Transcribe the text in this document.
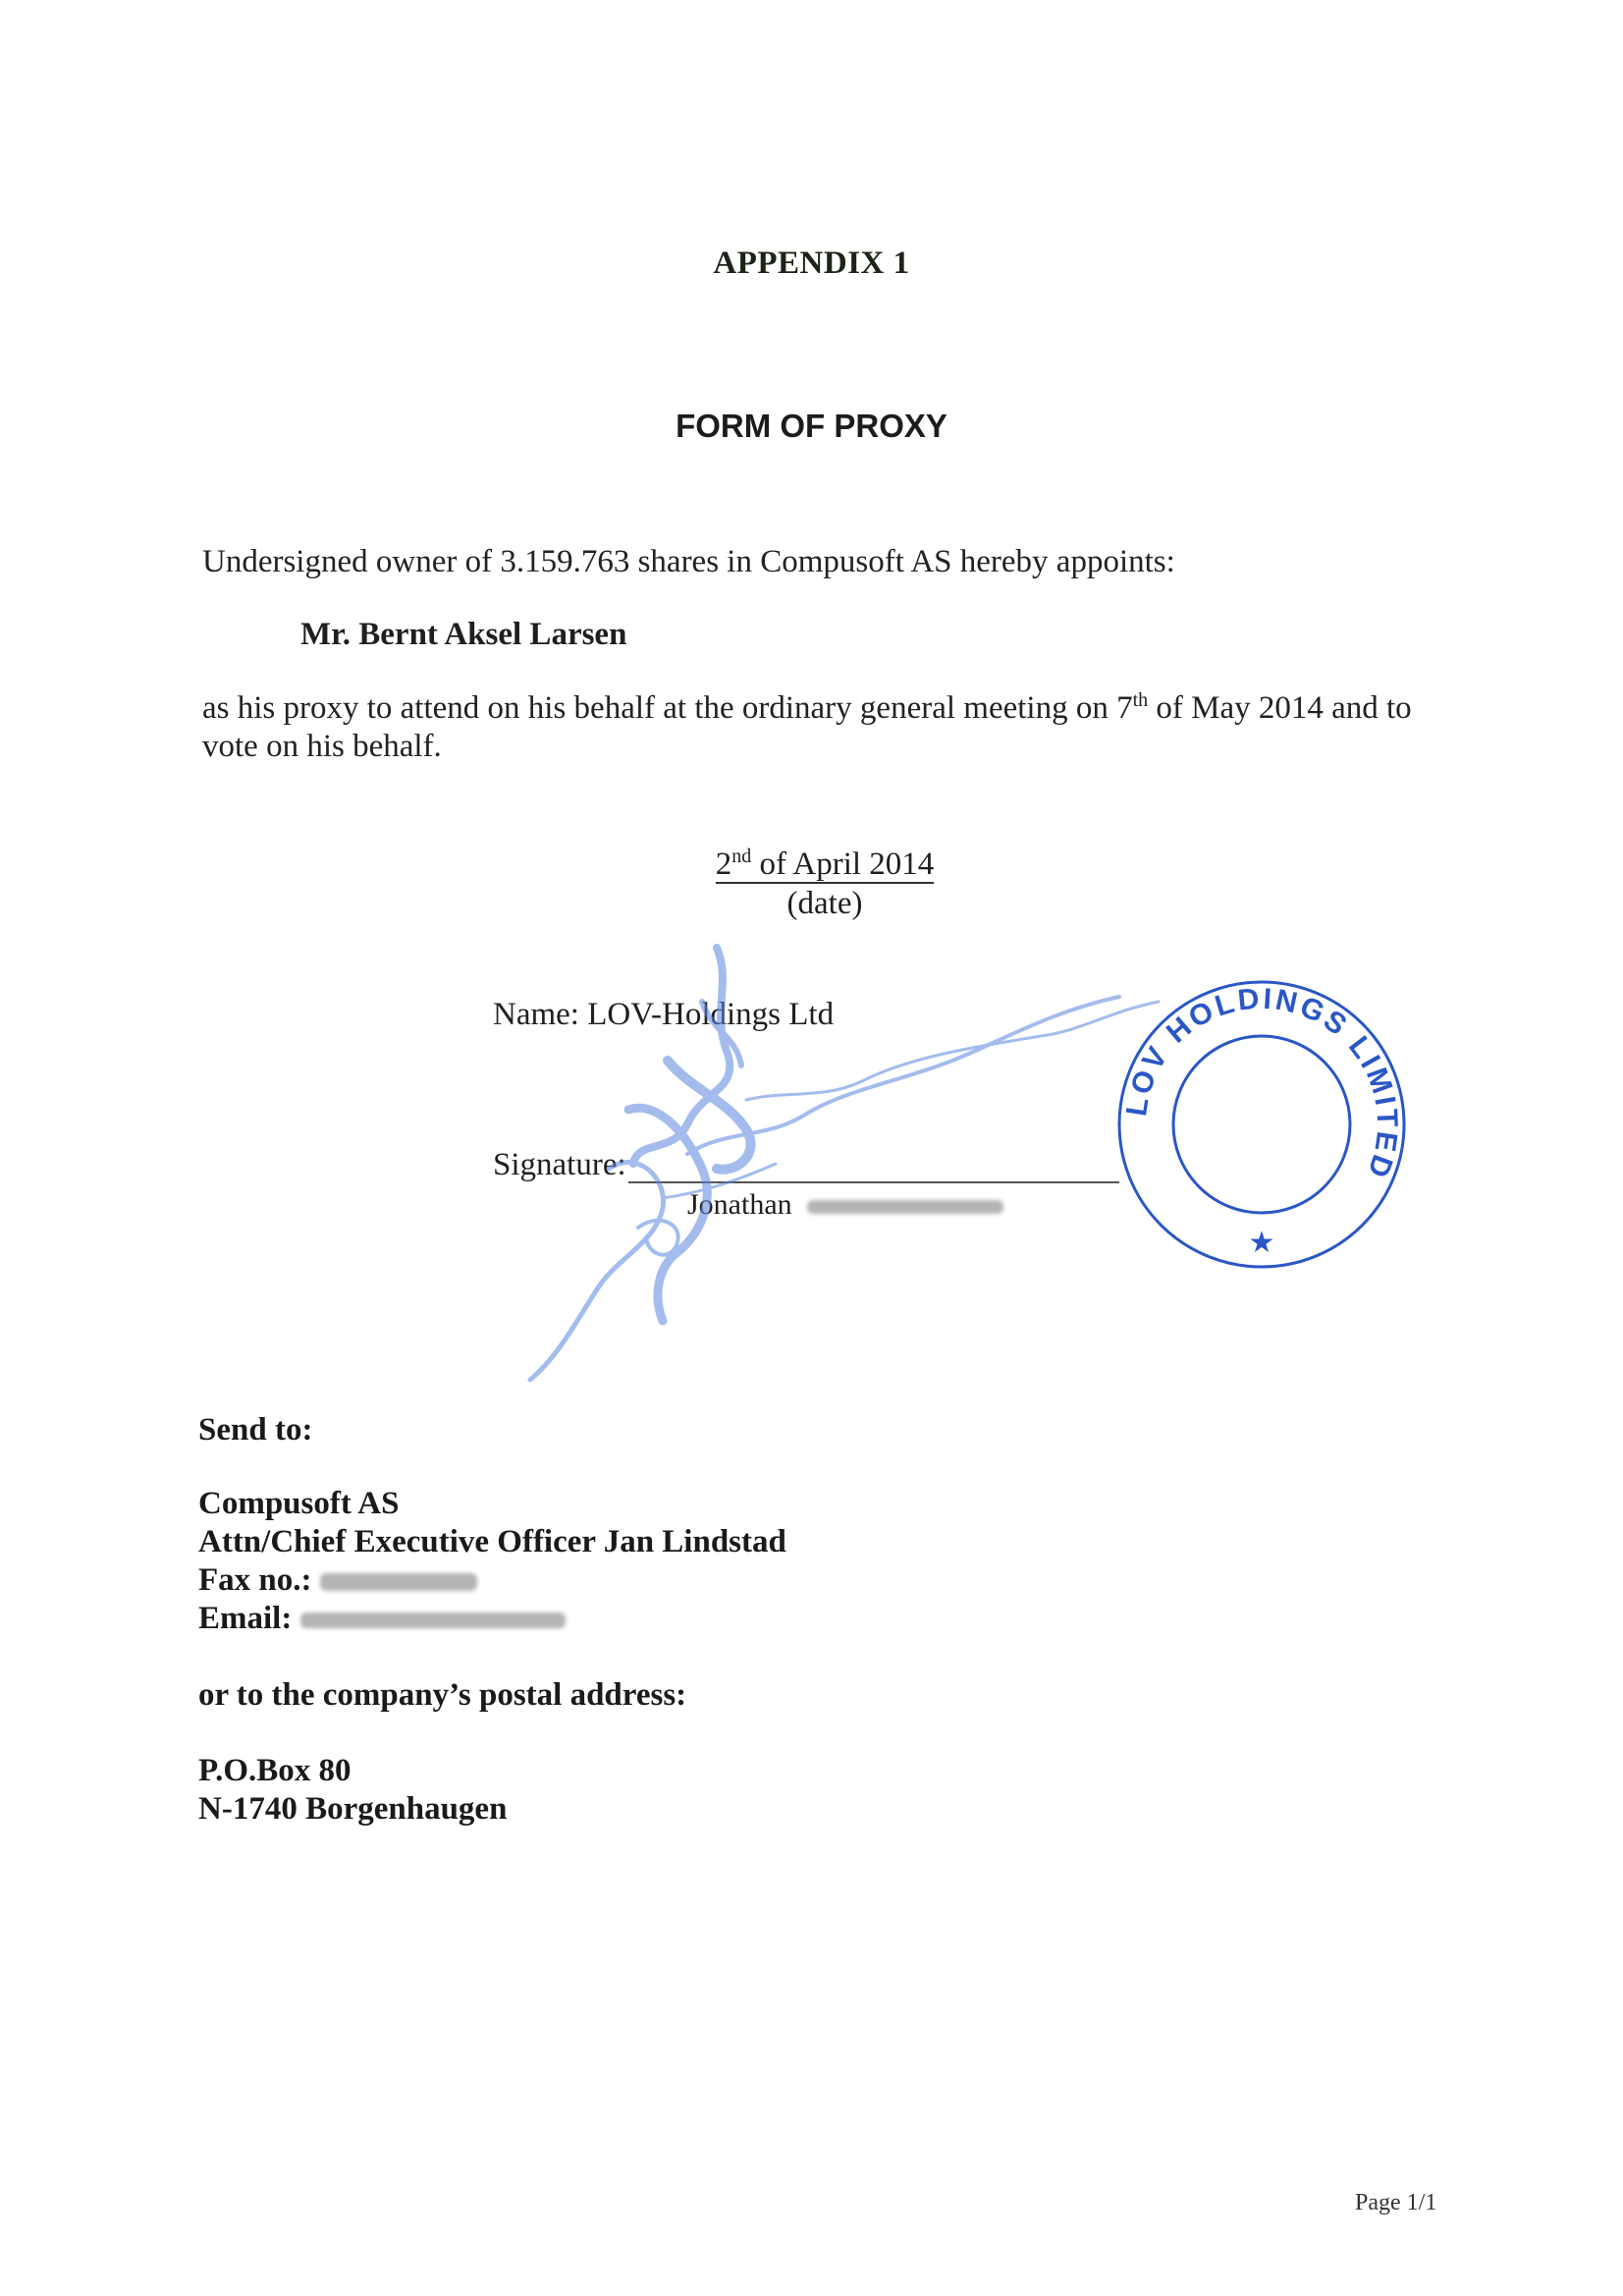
APPENDIX 1
FORM OF PROXY
Undersigned owner of 3.159.763 shares in Compusoft AS hereby appoints:
Mr. Bernt Aksel Larsen
as his proxy to attend on his behalf at the ordinary general meeting on 7th of May 2014 and to
vote on his behalf.
2nd of April 2014
(date)
Name: LOV-Holdings Ltd
Signature:
Jonathan
LOV HOLDINGS LIMITED
★
Send to:
Compusoft AS
Attn/Chief Executive Officer Jan Lindstad
Fax no.:
Email:
or to the company’s postal address:
P.O.Box 80
N-1740 Borgenhaugen
Page 1/1
